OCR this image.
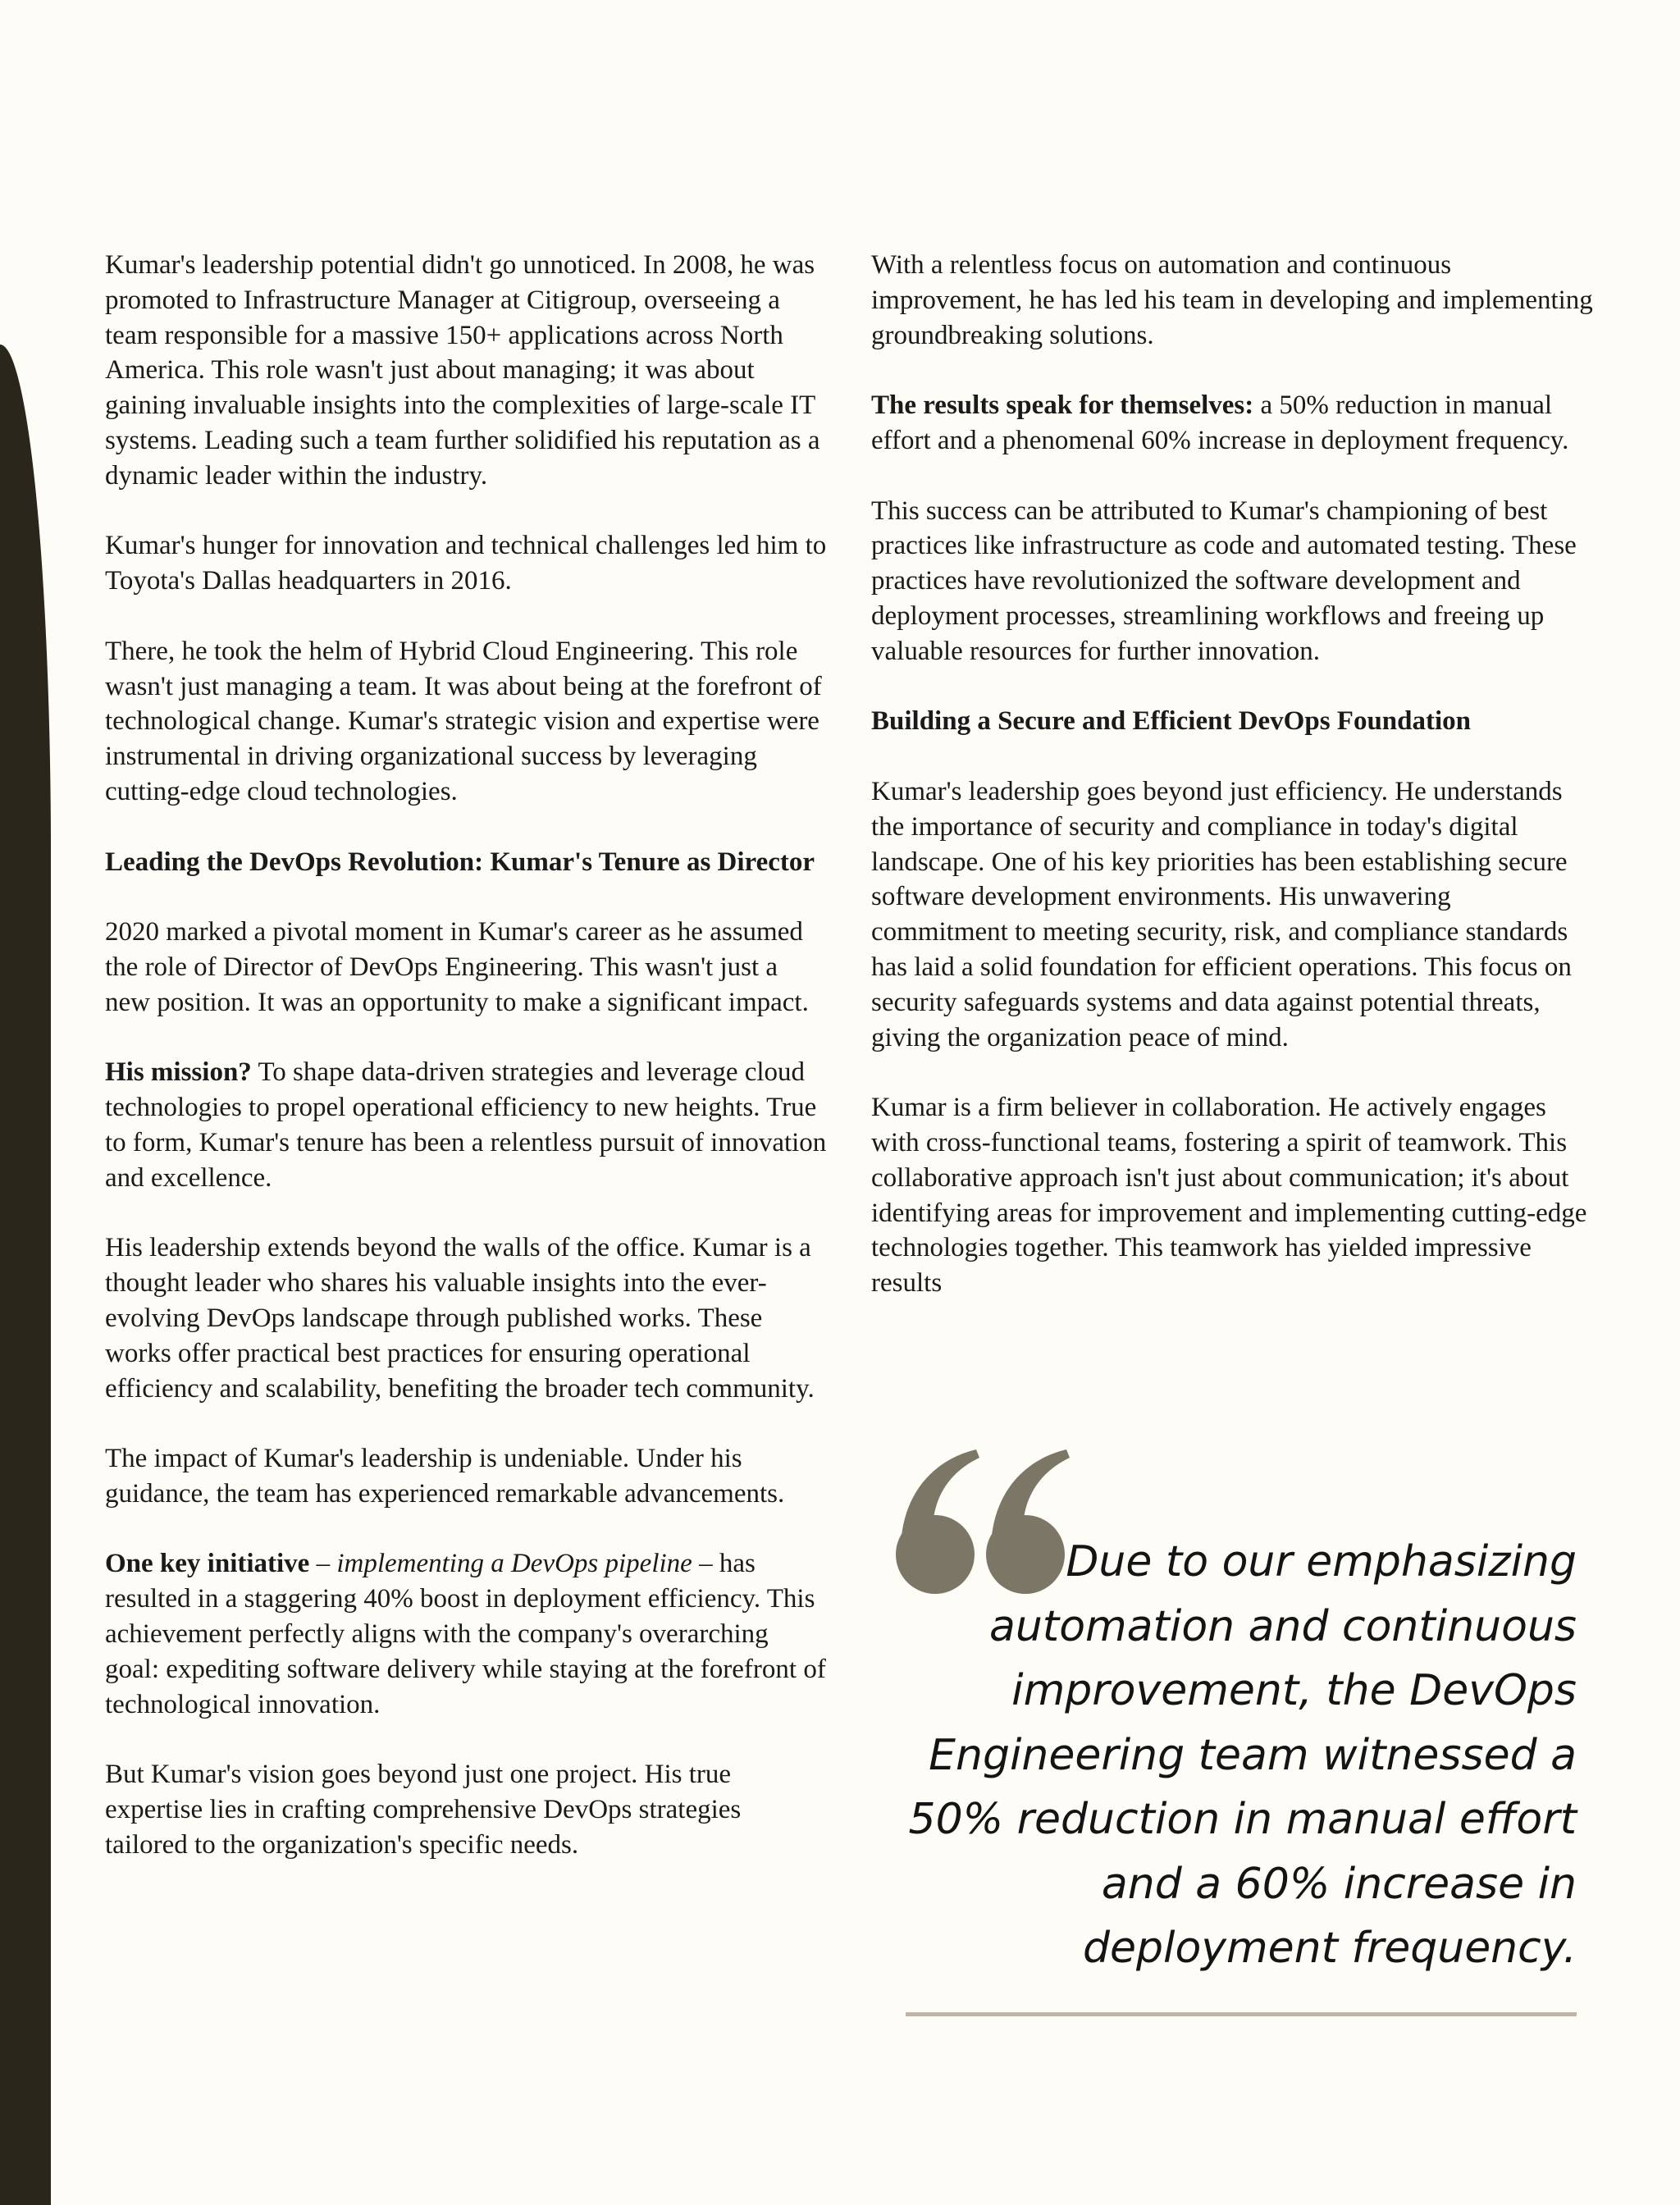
Kumar's leadership potential didn't go unnoticed. In 2008, he was promoted to Infrastructure Manager at Citigroup, overseeing a team responsible for a massive 150+ applications across North America. This role wasn't just about managing; it was about gaining invaluable insights into the complexities of large-scale IT systems. Leading such a team further solidified his reputation as a dynamic leader within the industry.

Kumar's hunger for innovation and technical challenges led him to Toyota's Dallas headquarters in 2016.

There, he took the helm of Hybrid Cloud Engineering. This role wasn't just managing a team. It was about being at the forefront of technological change. Kumar's strategic vision and expertise were instrumental in driving organizational success by leveraging cutting-edge cloud technologies.

Leading the DevOps Revolution: Kumar's Tenure as Director

2020 marked a pivotal moment in Kumar's career as he assumed the role of Director of DevOps Engineering. This wasn't just a new position. It was an opportunity to make a significant impact.

His mission? To shape data-driven strategies and leverage cloud technologies to propel operational efficiency to new heights. True to form, Kumar's tenure has been a relentless pursuit of innovation and excellence.

His leadership extends beyond the walls of the office. Kumar is a thought leader who shares his valuable insights into the ever-evolving DevOps landscape through published works. These works offer practical best practices for ensuring operational efficiency and scalability, benefiting the broader tech community.

The impact of Kumar's leadership is undeniable. Under his guidance, the team has experienced remarkable advancements.

One key initiative – implementing a DevOps pipeline – has resulted in a staggering 40% boost in deployment efficiency. This achievement perfectly aligns with the company's overarching goal: expediting software delivery while staying at the forefront of technological innovation.

But Kumar's vision goes beyond just one project. His true expertise lies in crafting comprehensive DevOps strategies tailored to the organization's specific needs.

With a relentless focus on automation and continuous improvement, he has led his team in developing and implementing groundbreaking solutions.

The results speak for themselves: a 50% reduction in manual effort and a phenomenal 60% increase in deployment frequency.

This success can be attributed to Kumar's championing of best practices like infrastructure as code and automated testing. These practices have revolutionized the software development and deployment processes, streamlining workflows and freeing up valuable resources for further innovation.

Building a Secure and Efficient DevOps Foundation

Kumar's leadership goes beyond just efficiency. He understands the importance of security and compliance in today's digital landscape. One of his key priorities has been establishing secure software development environments. His unwavering commitment to meeting security, risk, and compliance standards has laid a solid foundation for efficient operations. This focus on security safeguards systems and data against potential threats, giving the organization peace of mind.

Kumar is a firm believer in collaboration. He actively engages with cross-functional teams, fostering a spirit of teamwork. This collaborative approach isn't just about communication; it's about identifying areas for improvement and implementing cutting-edge technologies together. This teamwork has yielded impressive results

Due to our emphasizing automation and continuous improvement, the DevOps Engineering team witnessed a 50% reduction in manual effort and a 60% increase in deployment frequency.
